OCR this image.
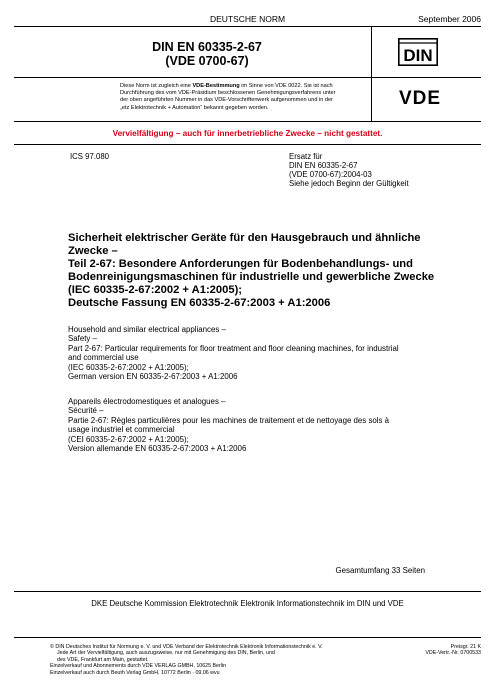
DEUTSCHE NORM	September 2006
DIN EN 60335-2-67
(VDE 0700-67)	DIN
VDE
Diese Norm ist zugleich eine VDE-Bestimmung im Sinne von VDE 0022. Sie ist nach
Durchführung des vom VDE-Präsidium beschlossenen Genehmigungsverfahrens unter
der oben angeführten Nummer in das VDE-Vorschriftenwerk aufgenommen und in der
„etz Elektrotechnik + Automation“ bekannt gegeben worden.
Vervielfältigung – auch für innerbetriebliche Zwecke – nicht gestattet.
ICS 97.080	Ersatz für
DIN EN 60335-2-67
(VDE 0700-67):2004-03
Siehe jedoch Beginn der Gültigkeit
Sicherheit elektrischer Geräte für den Hausgebrauch und ähnliche
Zwecke –
Teil 2-67: Besondere Anforderungen für Bodenbehandlungs- und
Bodenreinigungsmaschinen für industrielle und gewerbliche Zwecke
(IEC 60335-2-67:2002 + A1:2005);
Deutsche Fassung EN 60335-2-67:2003 + A1:2006
Household and similar electrical appliances –
Safety –
Part 2-67: Particular requirements for floor treatment and floor cleaning machines, for industrial
and commercial use
(IEC 60335-2-67:2002 + A1:2005);
German version EN 60335-2-67:2003 + A1:2006
Appareils électrodomestiques et analogues –
Sécurité –
Partie 2-67: Règles particulières pour les machines de traitement et de nettoyage des sols à
usage industriel et commercial
(CEI 60335-2-67:2002 + A1:2005);
Version allemande EN 60335-2-67:2003 + A1:2006
Gesamtumfang 33 Seiten
DKE Deutsche Kommission Elektrotechnik Elektronik Informationstechnik im DIN und VDE
© DIN Deutsches Institut für Normung e. V. und VDE Verband der Elektrotechnik Elektronik Informationstechnik e. V.
Jede Art der Vervielfältigung, auch auszugsweise, nur mit Genehmigung des DIN, Berlin, und
des VDE, Frankfurt am Main, gestattet.
Einzelverkauf und Abonnements durch VDE VERLAG GMBH, 10625 Berlin
Einzelverkauf auch durch Beuth Verlag GmbH, 10772 Berlin · 09.06 wvu
Preisgr. 21 K
VDE-Vertr.-Nr. 0700533
